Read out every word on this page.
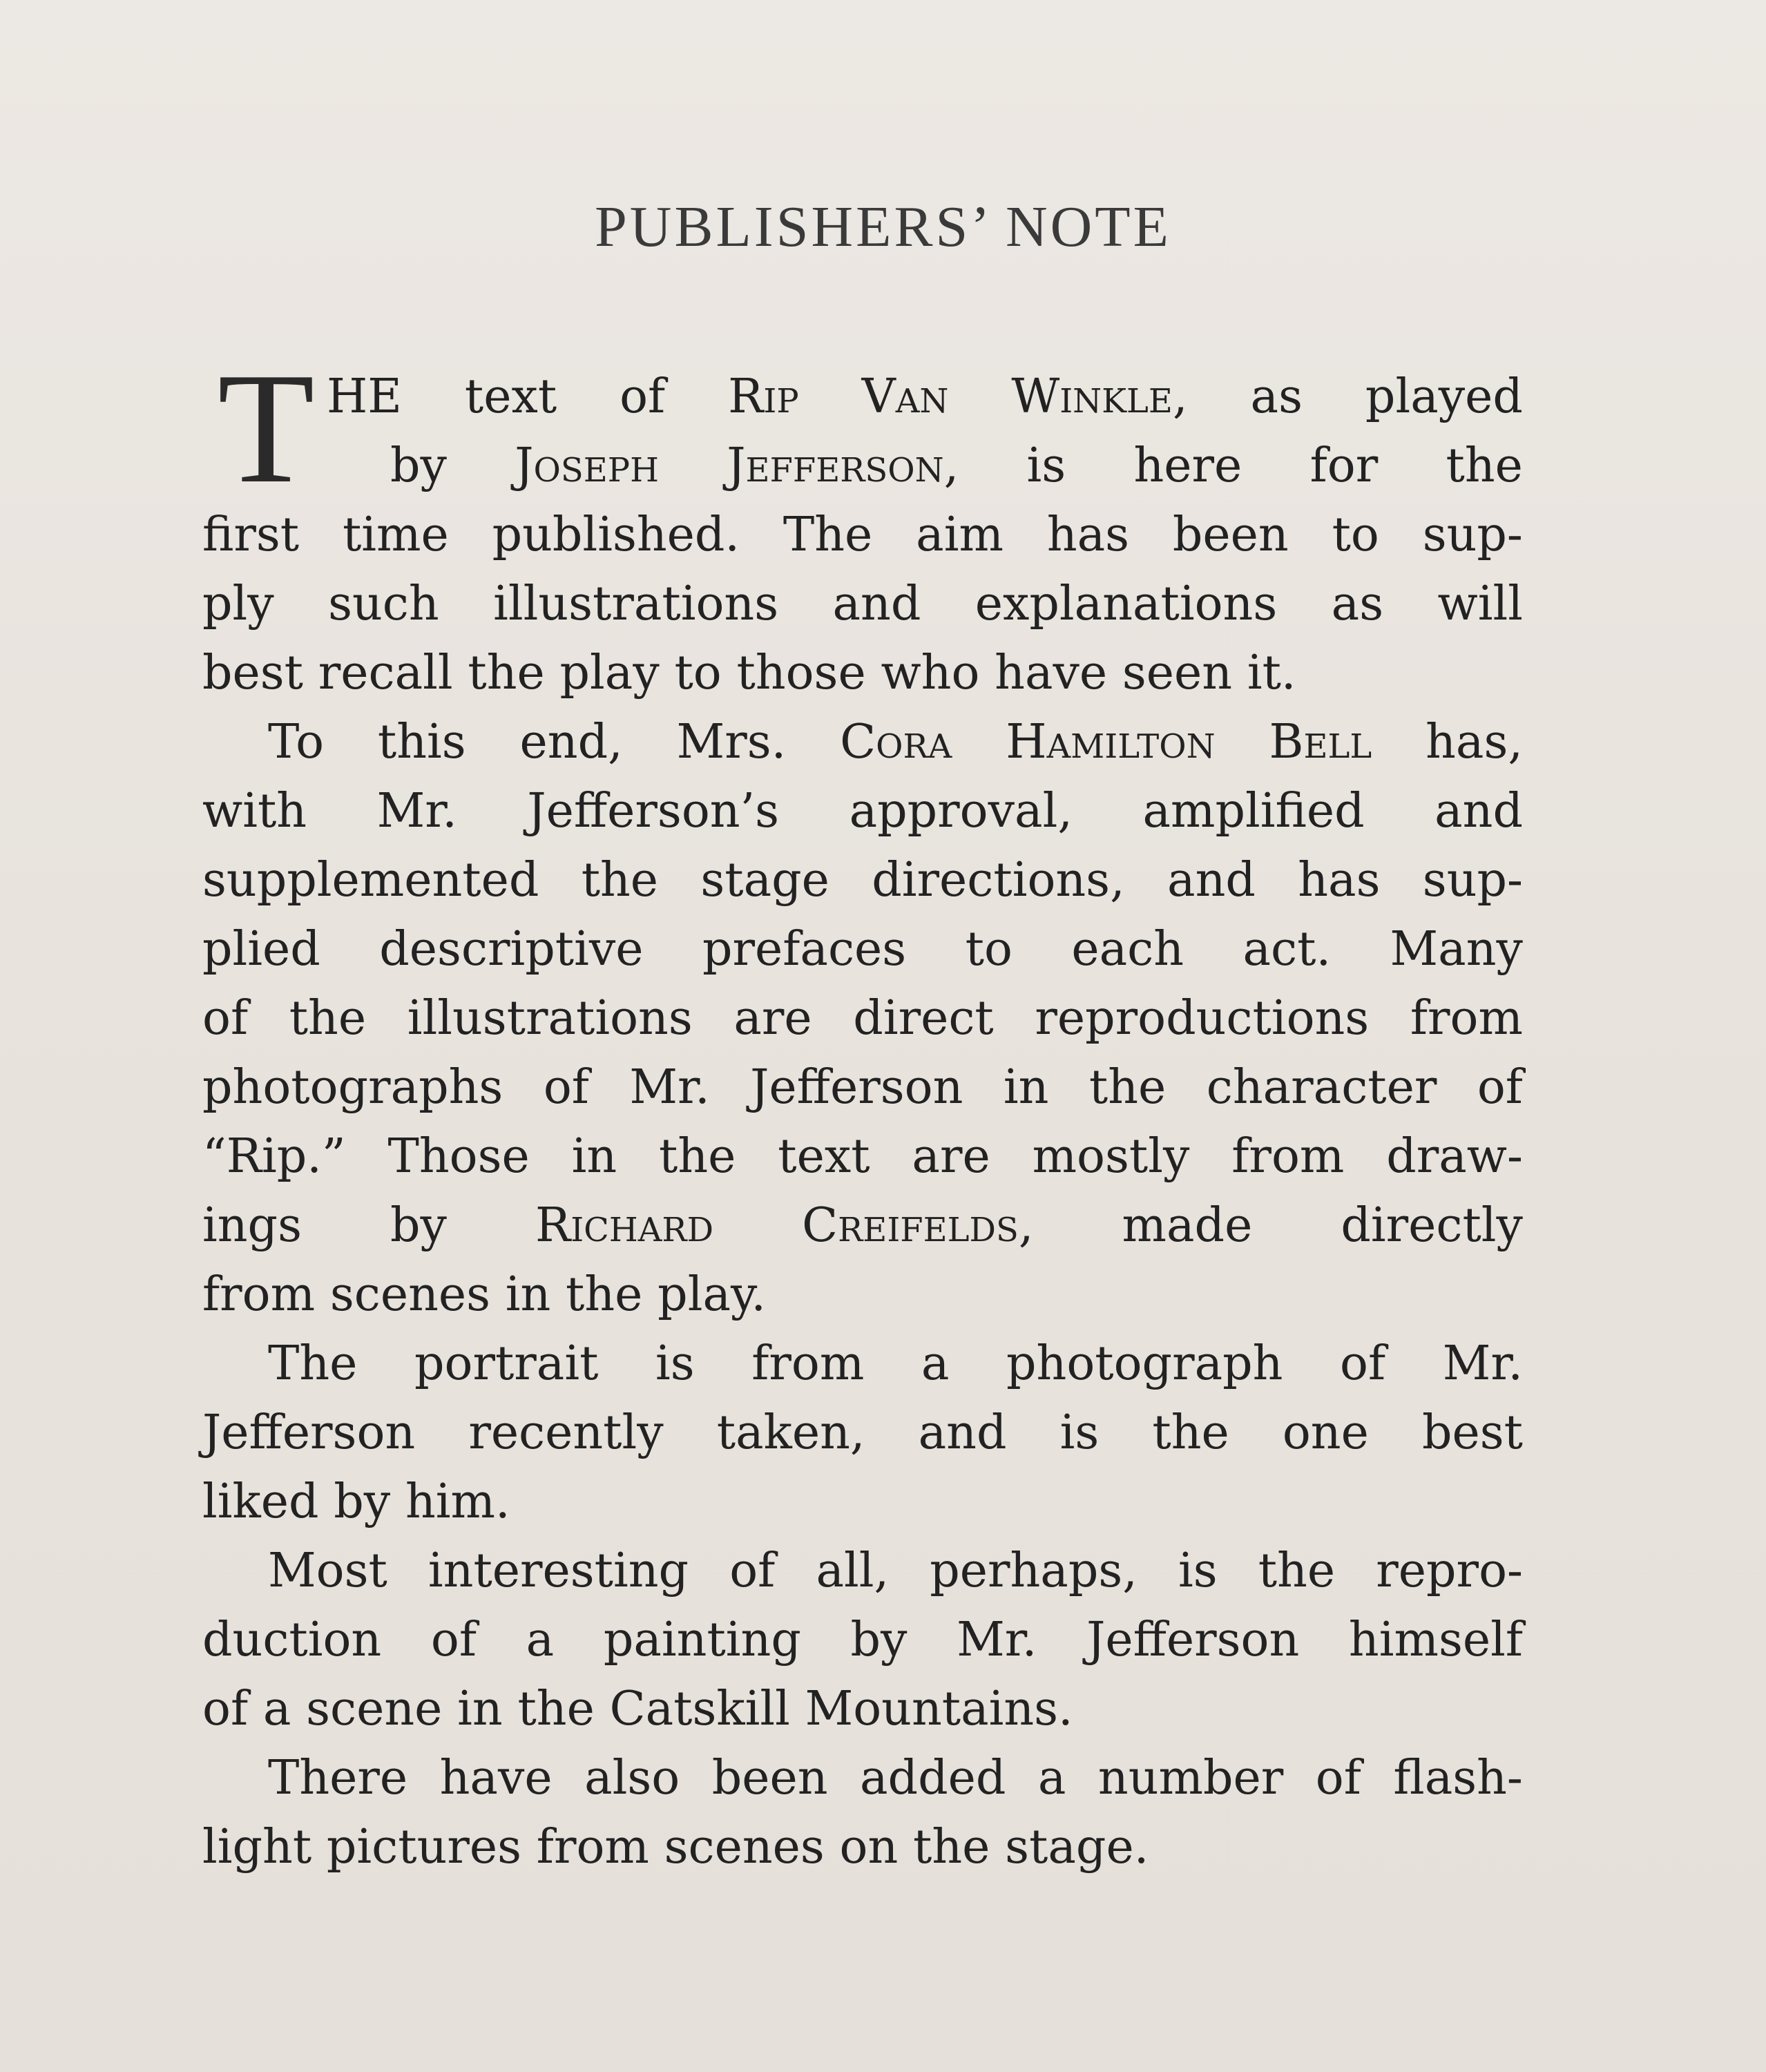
PUBLISHERS’ NOTE
T HE text of Rip Van Winkle, as played
by Joseph Jefferson, is here for the
first time published. The aim has been to sup-
ply such illustrations and explanations as will
best recall the play to those who have seen it.
To this end, Mrs. Cora Hamilton Bell has,
with Mr. Jefferson’s approval, amplified and
supplemented the stage directions, and has sup-
plied descriptive prefaces to each act. Many
of the illustrations are direct reproductions from
photographs of Mr. Jefferson in the character of
“Rip.” Those in the text are mostly from draw-
ings by Richard Creifelds, made directly
from scenes in the play.
The portrait is from a photograph of Mr.
Jefferson recently taken, and is the one best
liked by him.
Most interesting of all, perhaps, is the repro-
duction of a painting by Mr. Jefferson himself
of a scene in the Catskill Mountains.
There have also been added a number of flash-
light pictures from scenes on the stage.
